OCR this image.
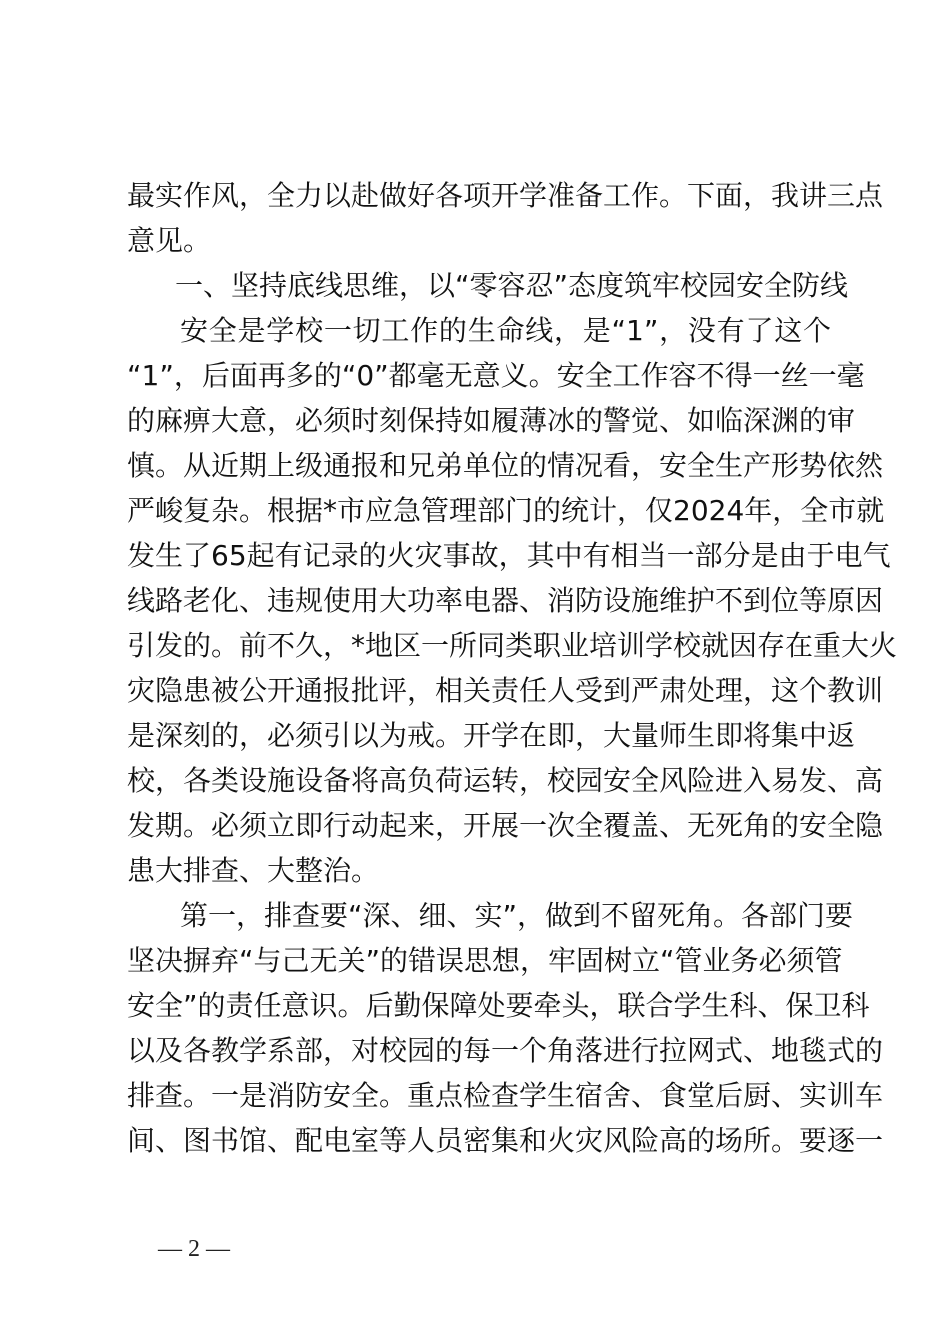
最实作风，全力以赴做好各项开学准备工作。下面，我讲三点
意见。
一、坚持底线思维，以“零容忍”态度筑牢校园安全防线
安全是学校一切工作的生命线，是“1”，没有了这个
“1”，后面再多的“0”都毫无意义。安全工作容不得一丝一毫
的麻痹大意，必须时刻保持如履薄冰的警觉、如临深渊的审
慎。从近期上级通报和兄弟单位的情况看，安全生产形势依然
严峻复杂。根据*市应急管理部门的统计，仅2024年，全市就
发生了65起有记录的火灾事故，其中有相当一部分是由于电气
线路老化、违规使用大功率电器、消防设施维护不到位等原因
引发的。前不久，*地区一所同类职业培训学校就因存在重大火
灾隐患被公开通报批评，相关责任人受到严肃处理，这个教训
是深刻的，必须引以为戒。开学在即，大量师生即将集中返
校，各类设施设备将高负荷运转，校园安全风险进入易发、高
发期。必须立即行动起来，开展一次全覆盖、无死角的安全隐
患大排查、大整治。
第一，排查要“深、细、实”，做到不留死角。各部门要
坚决摒弃“与己无关”的错误思想，牢固树立“管业务必须管
安全”的责任意识。后勤保障处要牵头，联合学生科、保卫科
以及各教学系部，对校园的每一个角落进行拉网式、地毯式的
排查。一是消防安全。重点检查学生宿舍、食堂后厨、实训车
间、图书馆、配电室等人员密集和火灾风险高的场所。要逐一
— 2 —
